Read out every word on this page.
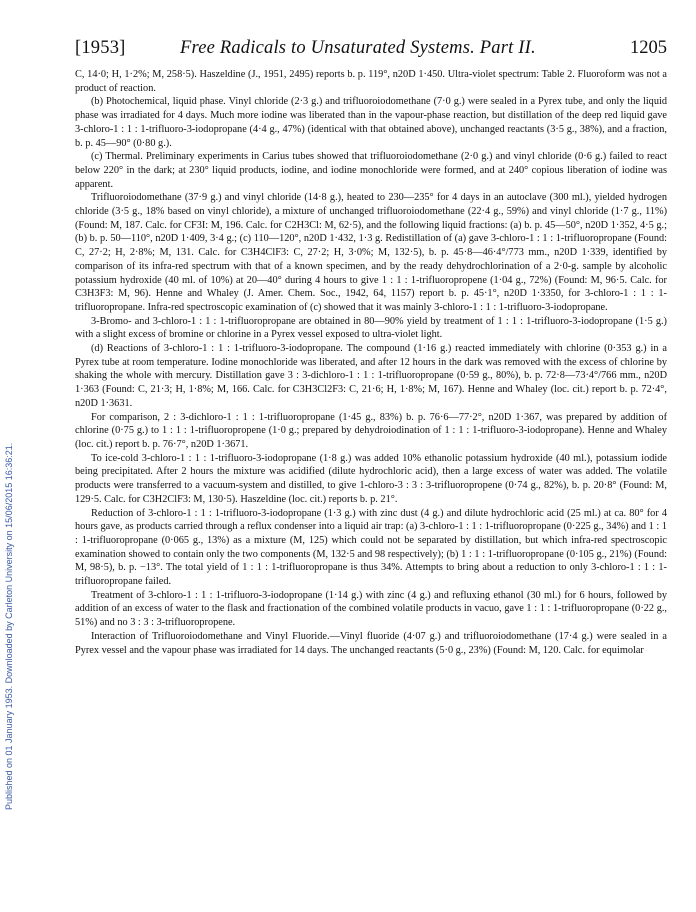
[1953]	Free Radicals to Unsaturated Systems. Part II.	1205
Published on 01 January 1953. Downloaded by Carleton University on 15/06/2015 16:36:21.

C, 14·0; H, 1·2%; M, 258·5). Haszeldine (J., 1951, 2495) reports b. p. 119°, n20D 1·450. Ultra-violet spectrum: Table 2. Fluoroform was not a product of reaction.

(b) Photochemical, liquid phase. Vinyl chloride (2·3 g.) and trifluoroiodomethane (7·0 g.) were sealed in a Pyrex tube, and only the liquid phase was irradiated for 4 days. Much more iodine was liberated than in the vapour-phase reaction, but distillation of the deep red liquid gave 3-chloro-1 : 1 : 1-trifluoro-3-iodopropane (4·4 g., 47%) (identical with that obtained above), unchanged reactants (3·5 g., 38%), and a fraction, b. p. 45—90° (0·80 g.).

(c) Thermal. Preliminary experiments in Carius tubes showed that trifluoroiodomethane (2·0 g.) and vinyl chloride (0·6 g.) failed to react below 220° in the dark; at 230° liquid products, iodine, and iodine monochloride were formed, and at 240° copious liberation of iodine was apparent.

Trifluoroiodomethane (37·9 g.) and vinyl chloride (14·8 g.), heated to 230—235° for 4 days in an autoclave (300 ml.), yielded hydrogen chloride (3·5 g., 18% based on vinyl chloride), a mixture of unchanged trifluoroiodomethane (22·4 g., 59%) and vinyl chloride (1·7 g., 11%) (Found: M, 187. Calc. for CF3I: M, 196. Calc. for C2H3Cl: M, 62·5), and the following liquid fractions: (a) b. p. 45—50°, n20D 1·352, 4·5 g.; (b) b. p. 50—110°, n20D 1·409, 3·4 g.; (c) 110—120°, n20D 1·432, 1·3 g. Redistillation of (a) gave 3-chloro-1 : 1 : 1-trifluoropropane (Found: C, 27·2; H, 2·8%; M, 131. Calc. for C3H4ClF3: C, 27·2; H, 3·0%; M, 132·5), b. p. 45·8—46·4°/773 mm., n20D 1·339, identified by comparison of its infra-red spectrum with that of a known specimen, and by the ready dehydrochlorination of a 2·0-g. sample by alcoholic potassium hydroxide (40 ml. of 10%) at 20—40° during 4 hours to give 1 : 1 : 1-trifluoropropene (1·04 g., 72%) (Found: M, 96·5. Calc. for C3H3F3: M, 96). Henne and Whaley (J. Amer. Chem. Soc., 1942, 64, 1157) report b. p. 45·1°, n20D 1·3350, for 3-chloro-1 : 1 : 1-trifluoropropane. Infra-red spectroscopic examination of (c) showed that it was mainly 3-chloro-1 : 1 : 1-trifluoro-3-iodopropane.

3-Bromo- and 3-chloro-1 : 1 : 1-trifluoropropane are obtained in 80—90% yield by treatment of 1 : 1 : 1-trifluoro-3-iodopropane (1·5 g.) with a slight excess of bromine or chlorine in a Pyrex vessel exposed to ultra-violet light.

(d) Reactions of 3-chloro-1 : 1 : 1-trifluoro-3-iodopropane. The compound (1·16 g.) reacted immediately with chlorine (0·353 g.) in a Pyrex tube at room temperature. Iodine monochloride was liberated, and after 12 hours in the dark was removed with the excess of chlorine by shaking the whole with mercury. Distillation gave 3 : 3-dichloro-1 : 1 : 1-trifluoropropane (0·59 g., 80%), b. p. 72·8—73·4°/766 mm., n20D 1·363 (Found: C, 21·3; H, 1·8%; M, 166. Calc. for C3H3Cl2F3: C, 21·6; H, 1·8%; M, 167). Henne and Whaley (loc. cit.) report b. p. 72·4°, n20D 1·3631.

For comparison, 2 : 3-dichloro-1 : 1 : 1-trifluoropropane (1·45 g., 83%) b. p. 76·6—77·2°, n20D 1·367, was prepared by addition of chlorine (0·75 g.) to 1 : 1 : 1-trifluoropropene (1·0 g.; prepared by dehydroiodination of 1 : 1 : 1-trifluoro-3-iodopropane). Henne and Whaley (loc. cit.) report b. p. 76·7°, n20D 1·3671.

To ice-cold 3-chloro-1 : 1 : 1-trifluoro-3-iodopropane (1·8 g.) was added 10% ethanolic potassium hydroxide (40 ml.), potassium iodide being precipitated. After 2 hours the mixture was acidified (dilute hydrochloric acid), then a large excess of water was added. The volatile products were transferred to a vacuum-system and distilled, to give 1-chloro-3 : 3 : 3-trifluoropropene (0·74 g., 82%), b. p. 20·8° (Found: M, 129·5. Calc. for C3H2ClF3: M, 130·5). Haszeldine (loc. cit.) reports b. p. 21°.

Reduction of 3-chloro-1 : 1 : 1-trifluoro-3-iodopropane (1·3 g.) with zinc dust (4 g.) and dilute hydrochloric acid (25 ml.) at ca. 80° for 4 hours gave, as products carried through a reflux condenser into a liquid air trap: (a) 3-chloro-1 : 1 : 1-trifluoropropane (0·225 g., 34%) and 1 : 1 : 1-trifluoropropane (0·065 g., 13%) as a mixture (M, 125) which could not be separated by distillation, but which infra-red spectroscopic examination showed to contain only the two components (M, 132·5 and 98 respectively); (b) 1 : 1 : 1-trifluoropropane (0·105 g., 21%) (Found: M, 98·5), b. p. −13°. The total yield of 1 : 1 : 1-trifluoropropane is thus 34%. Attempts to bring about a reduction to only 3-chloro-1 : 1 : 1-trifluoropropane failed.

Treatment of 3-chloro-1 : 1 : 1-trifluoro-3-iodopropane (1·14 g.) with zinc (4 g.) and refluxing ethanol (30 ml.) for 6 hours, followed by addition of an excess of water to the flask and fractionation of the combined volatile products in vacuo, gave 1 : 1 : 1-trifluoropropane (0·22 g., 51%) and no 3 : 3 : 3-trifluoropropene.

Interaction of Trifluoroiodomethane and Vinyl Fluoride.—Vinyl fluoride (4·07 g.) and trifluoroiodomethane (17·4 g.) were sealed in a Pyrex vessel and the vapour phase was irradiated for 14 days. The unchanged reactants (5·0 g., 23%) (Found: M, 120. Calc. for equimolar
